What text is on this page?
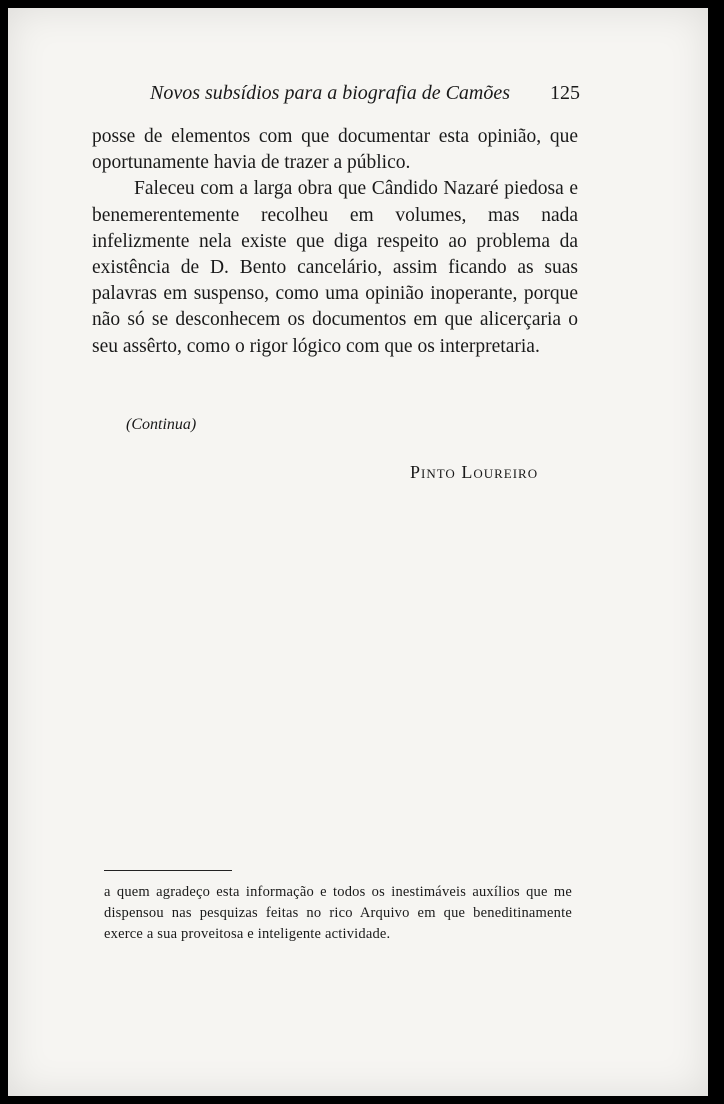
Novos subsídios para a biografia de Camões 125

posse de elementos com que documentar esta opinião, que oportunamente havia de trazer a público.

Faleceu com a larga obra que Cândido Nazaré piedosa e benemerentemente recolheu em volumes, mas nada infelizmente nela existe que diga respeito ao problema da existência de D. Bento cancelário, assim ficando as suas palavras em suspenso, como uma opinião inoperante, porque não só se desconhecem os documentos em que alicerçaria o seu assêrto, como o rigor lógico com que os interpretaria.

(Continua)
Pinto Loureiro

a quem agradeço esta informação e todos os inestimáveis auxílios que me dispensou nas pesquizas feitas no rico Arquivo em que beneditinamente exerce a sua proveitosa e inteligente actividade.
